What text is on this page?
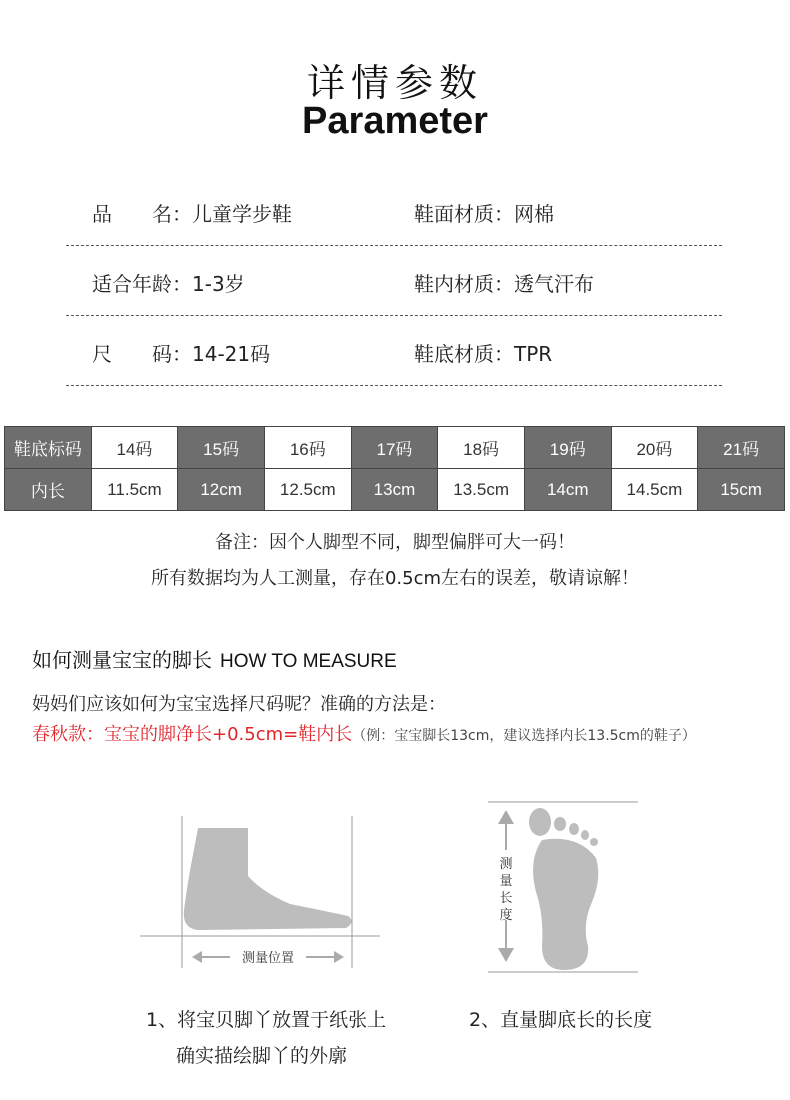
详情参数
Parameter
品　　名：儿童学步鞋	鞋面材质：网棉
适合年龄：1-3岁	鞋内材质：透气汗布
尺　　码：14-21码	鞋底材质：TPR
鞋底标码	14码	15码	16码	17码	18码	19码	20码	21码
内长	11.5cm	12cm	12.5cm	13cm	13.5cm	14cm	14.5cm	15cm
备注：因个人脚型不同，脚型偏胖可大一码！
所有数据均为人工测量，存在0.5cm左右的误差，敬请谅解！
如何测量宝宝的脚长 HOW TO MEASURE
妈妈们应该如何为宝宝选择尺码呢？准确的方法是：
春秋款：宝宝的脚净长+0.5cm=鞋内长（例：宝宝脚长13cm，建议选择内长13.5cm的鞋子）
测量位置
测
量
长
度
1、将宝贝脚丫放置于纸张上
确实描绘脚丫的外廓
2、直量脚底长的长度
